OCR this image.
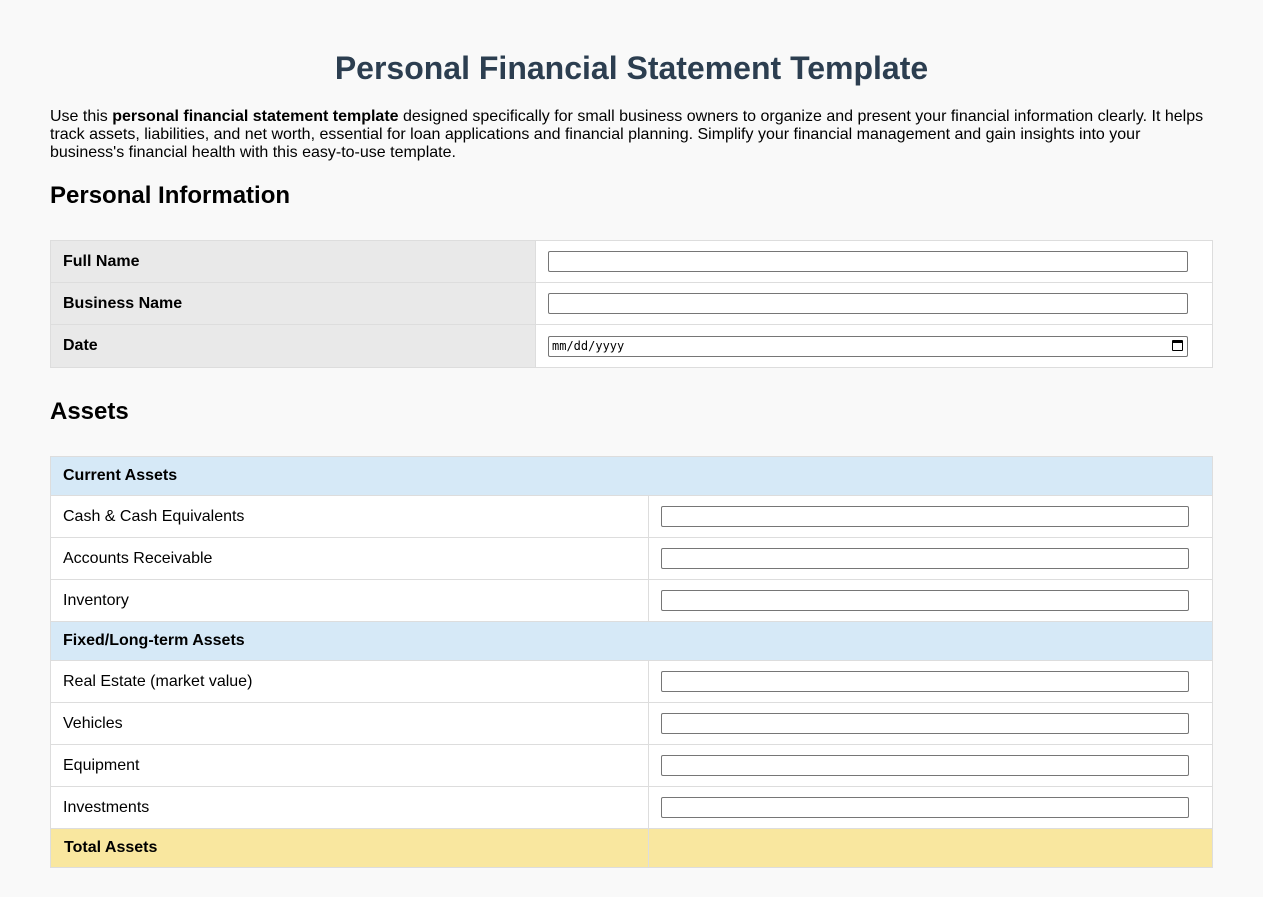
Personal Financial Statement Template

Use this personal financial statement template designed specifically for small business owners to organize and present your financial information clearly. It helps track assets, liabilities, and net worth, essential for loan applications and financial planning. Simplify your financial management and gain insights into your business's financial health with this easy-to-use template.

Personal Information
Full Name	

Business Name	

Date	mm/dd/yyyy
Assets
Current Assets	
Cash & Cash Equivalents	

Accounts Receivable	

Inventory	

Fixed/Long-term Assets	
Real Estate (market value)	

Vehicles	

Equipment	

Investments	

Total Assets	
